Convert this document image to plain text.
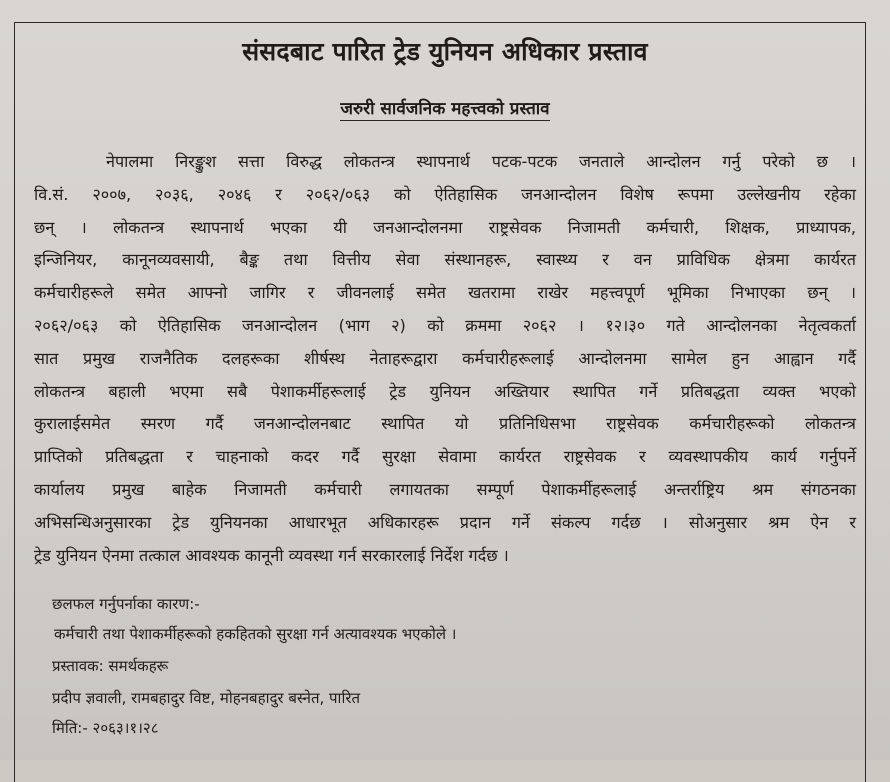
संसदबाट पारित ट्रेड युनियन अधिकार प्रस्ताव
जरुरी सार्वजनिक महत्त्वको प्रस्ताव
नेपालमा निरङ्कुश सत्ता विरुद्ध लोकतन्त्र स्थापनार्थ पटक-पटक जनताले आन्दोलन गर्नु परेको छ ।
वि.सं. २००७, २०३६, २०४६ र २०६२/०६३ को ऐतिहासिक जनआन्दोलन विशेष रूपमा उल्लेखनीय रहेका
छन् । लोकतन्त्र स्थापनार्थ भएका यी जनआन्दोलनमा राष्ट्रसेवक निजामती कर्मचारी, शिक्षक, प्राध्यापक,
इन्जिनियर, कानूनव्यवसायी, बैङ्क तथा वित्तीय सेवा संस्थानहरू, स्वास्थ्य र वन प्राविधिक क्षेत्रमा कार्यरत
कर्मचारीहरूले समेत आफ्नो जागिर र जीवनलाई समेत खतरामा राखेर महत्त्वपूर्ण भूमिका निभाएका छन् ।
२०६२/०६३ को ऐतिहासिक जनआन्दोलन (भाग २) को क्रममा २०६२ । १२।३० गते आन्दोलनका नेतृत्वकर्ता
सात प्रमुख राजनैतिक दलहरूका शीर्षस्थ नेताहरूद्वारा कर्मचारीहरूलाई आन्दोलनमा सामेल हुन आह्वान गर्दै
लोकतन्त्र बहाली भएमा सबै पेशाकर्मीहरूलाई ट्रेड युनियन अख्तियार स्थापित गर्ने प्रतिबद्धता व्यक्त भएको
कुरालाईसमेत स्मरण गर्दै जनआन्दोलनबाट स्थापित यो प्रतिनिधिसभा राष्ट्रसेवक कर्मचारीहरूको लोकतन्त्र
प्राप्तिको प्रतिबद्धता र चाहनाको कदर गर्दै सुरक्षा सेवामा कार्यरत राष्ट्रसेवक र व्यवस्थापकीय कार्य गर्नुपर्ने
कार्यालय प्रमुख बाहेक निजामती कर्मचारी लगायतका सम्पूर्ण पेशाकर्मीहरूलाई अन्तर्राष्ट्रिय श्रम संगठनका
अभिसन्धिअनुसारका ट्रेड युनियनका आधारभूत अधिकारहरू प्रदान गर्ने संकल्प गर्दछ । सोअनुसार श्रम ऐन र
ट्रेड युनियन ऐनमा तत्काल आवश्यक कानूनी व्यवस्था गर्न सरकारलाई निर्देश गर्दछ ।
छलफल गर्नुपर्नाका कारण:-
कर्मचारी तथा पेशाकर्मीहरूको हकहितको सुरक्षा गर्न अत्यावश्यक भएकोले ।
प्रस्तावक: समर्थकहरू
प्रदीप ज्ञवाली, रामबहादुर विष्ट, मोहनबहादुर बस्नेत, पारित
मिति:- २०६३।१।२८
